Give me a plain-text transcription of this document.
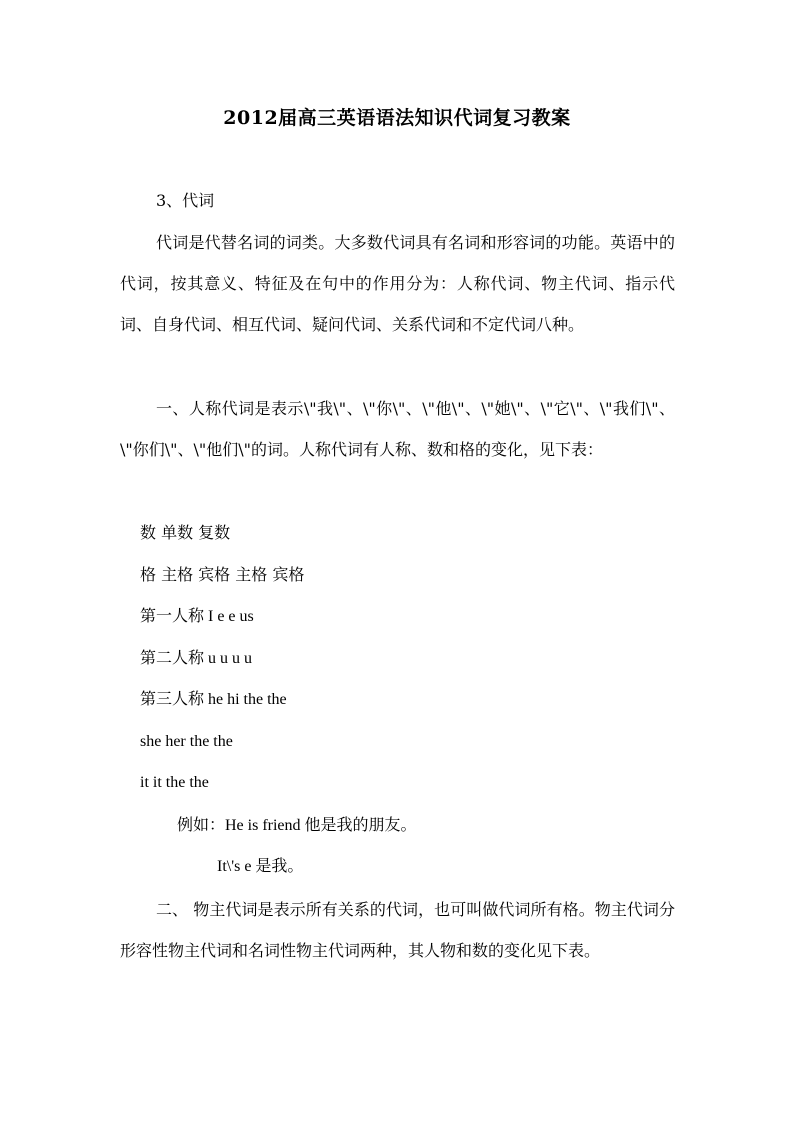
2012届高三英语语法知识代词复习教案
3、代词
代词是代替名词的词类。大多数代词具有名词和形容词的功能。英语中的代词，按其意义、特征及在句中的作用分为：人称代词、物主代词、指示代词、自身代词、相互代词、疑问代词、关系代词和不定代词八种。
一、人称代词是表示\"我\"、\"你\"、\"他\"、\"她\"、\"它\"、\"我们\"、\"你们\"、\"他们\"的词。人称代词有人称、数和格的变化，见下表：
数 单数 复数
格 主格 宾格 主格 宾格
第一人称 I e e us
第二人称 u u u u
第三人称 he hi the the
she her the the
it it the the
例如：He is friend 他是我的朋友。
It\'s e 是我。
二、 物主代词是表示所有关系的代词，也可叫做代词所有格。物主代词分形容性物主代词和名词性物主代词两种，其人物和数的变化见下表。
